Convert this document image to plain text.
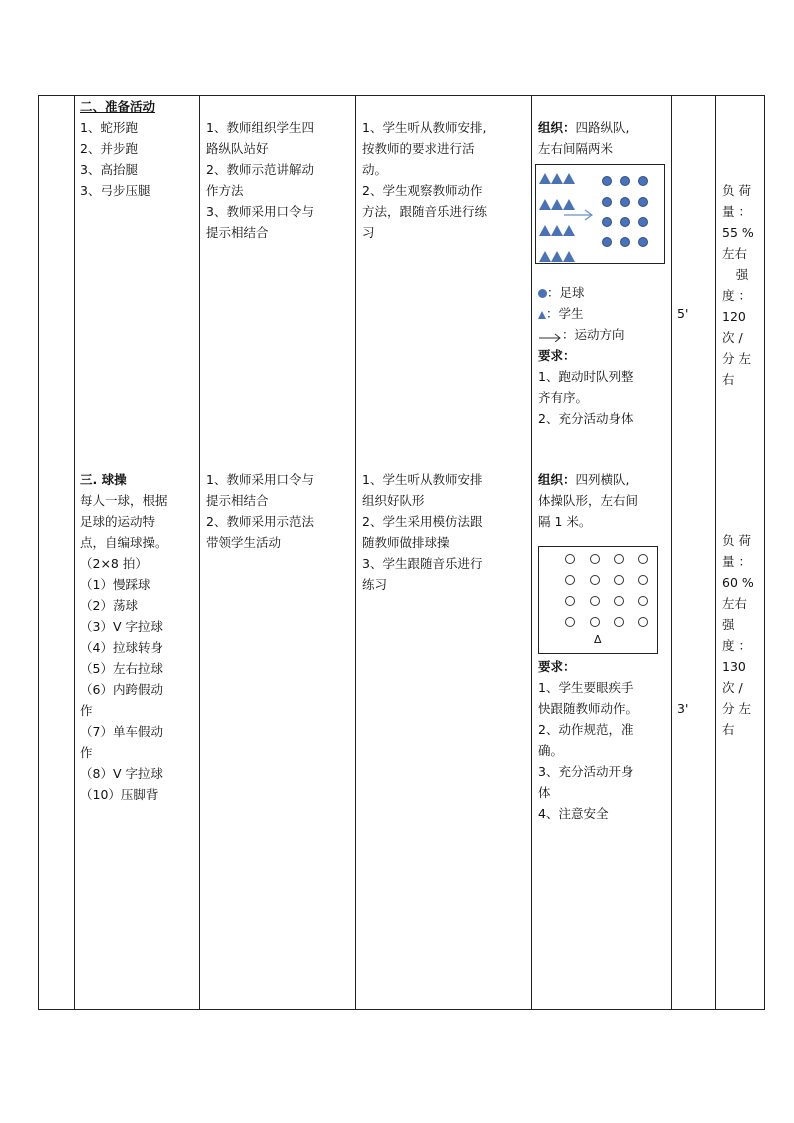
二、准备活动

1、蛇形跑

2、并步跑

3、高抬腿

3、弓步压腿

1、教师组织学生四

路纵队站好

2、教师示范讲解动

作方法

3、教师采用口令与

提示相结合

1、学生听从教师安排,

按教师的要求进行活

动。

2、学生观察教师动作

方法，跟随音乐进行练

习

组织：四路纵队,

左右间隔两米

：足球

：学生

：运动方向

要求：

1、跑动时队列整

齐有序。

2、充分活动身体

5'

负 荷

量 ：

55 %

左右

强

度 ：

120

次 /

分 左

右

三. 球操

每人一球，根据

足球的运动特

点，自编球操。

（2×8 拍）

（1）慢踩球

（2）荡球

（3）V 字拉球

（4）拉球转身

（5）左右拉球

（6）内跨假动

作

（7）单车假动

作

（8）V 字拉球

（10）压脚背

1、教师采用口令与

提示相结合

2、教师采用示范法

带领学生活动

1、学生听从教师安排

组织好队形

2、学生采用模仿法跟

随教师做排球操

3、学生跟随音乐进行

练习

组织：四列横队,

体操队形，左右间

隔 1 米。

Δ

要求：

1、学生要眼疾手

快跟随教师动作。

2、动作规范，准

确。

3、充分活动开身

体

4、注意安全

3'

负 荷

量 ：

60 %

左右

强

度 ：

130

次 /

分 左

右
